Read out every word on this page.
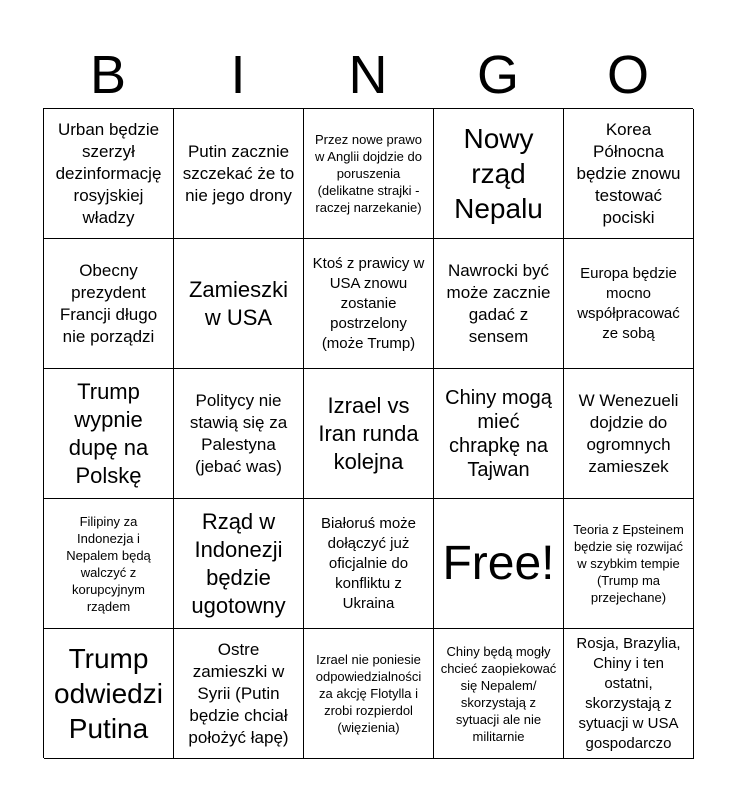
B	I	N	G	O
Urban będzie szerzył dezinformację rosyjskiej władzy
Putin zacznie szczekać że to nie jego drony
Przez nowe prawo w Anglii dojdzie do poruszenia (delikatne strajki - raczej narzekanie)
Nowy rząd Nepalu
Korea Północna będzie znowu testować pociski
Obecny prezydent Francji długo nie porządzi
Zamieszki w USA
Ktoś z prawicy w USA znowu zostanie postrzelony (może Trump)
Nawrocki być może zacznie gadać z sensem
Europa będzie mocno współpracować ze sobą
Trump wypnie dupę na Polskę
Politycy nie stawią się za Palestyna (jebać was)
Izrael vs Iran runda kolejna
Chiny mogą mieć chrapkę na Tajwan
W Wenezueli dojdzie do ogromnych zamieszek
Filipiny za Indonezja i Nepalem będą walczyć z korupcyjnym rządem
Rząd w Indonezji będzie ugotowny
Białoruś może dołączyć już oficjalnie do konfliktu z Ukraina
Free!
Teoria z Epsteinem będzie się rozwijać w szybkim tempie (Trump ma przejechane)
Trump odwiedzi Putina
Ostre zamieszki w Syrii (Putin będzie chciał położyć łapę)
Izrael nie poniesie odpowiedzialności za akcję Flotylla i zrobi rozpierdol (więzienia)
Chiny będą mogły chcieć zaopiekować się Nepalem/ skorzystają z sytuacji ale nie militarnie
Rosja, Brazylia, Chiny i ten ostatni, skorzystają z sytuacji w USA gospodarczo
